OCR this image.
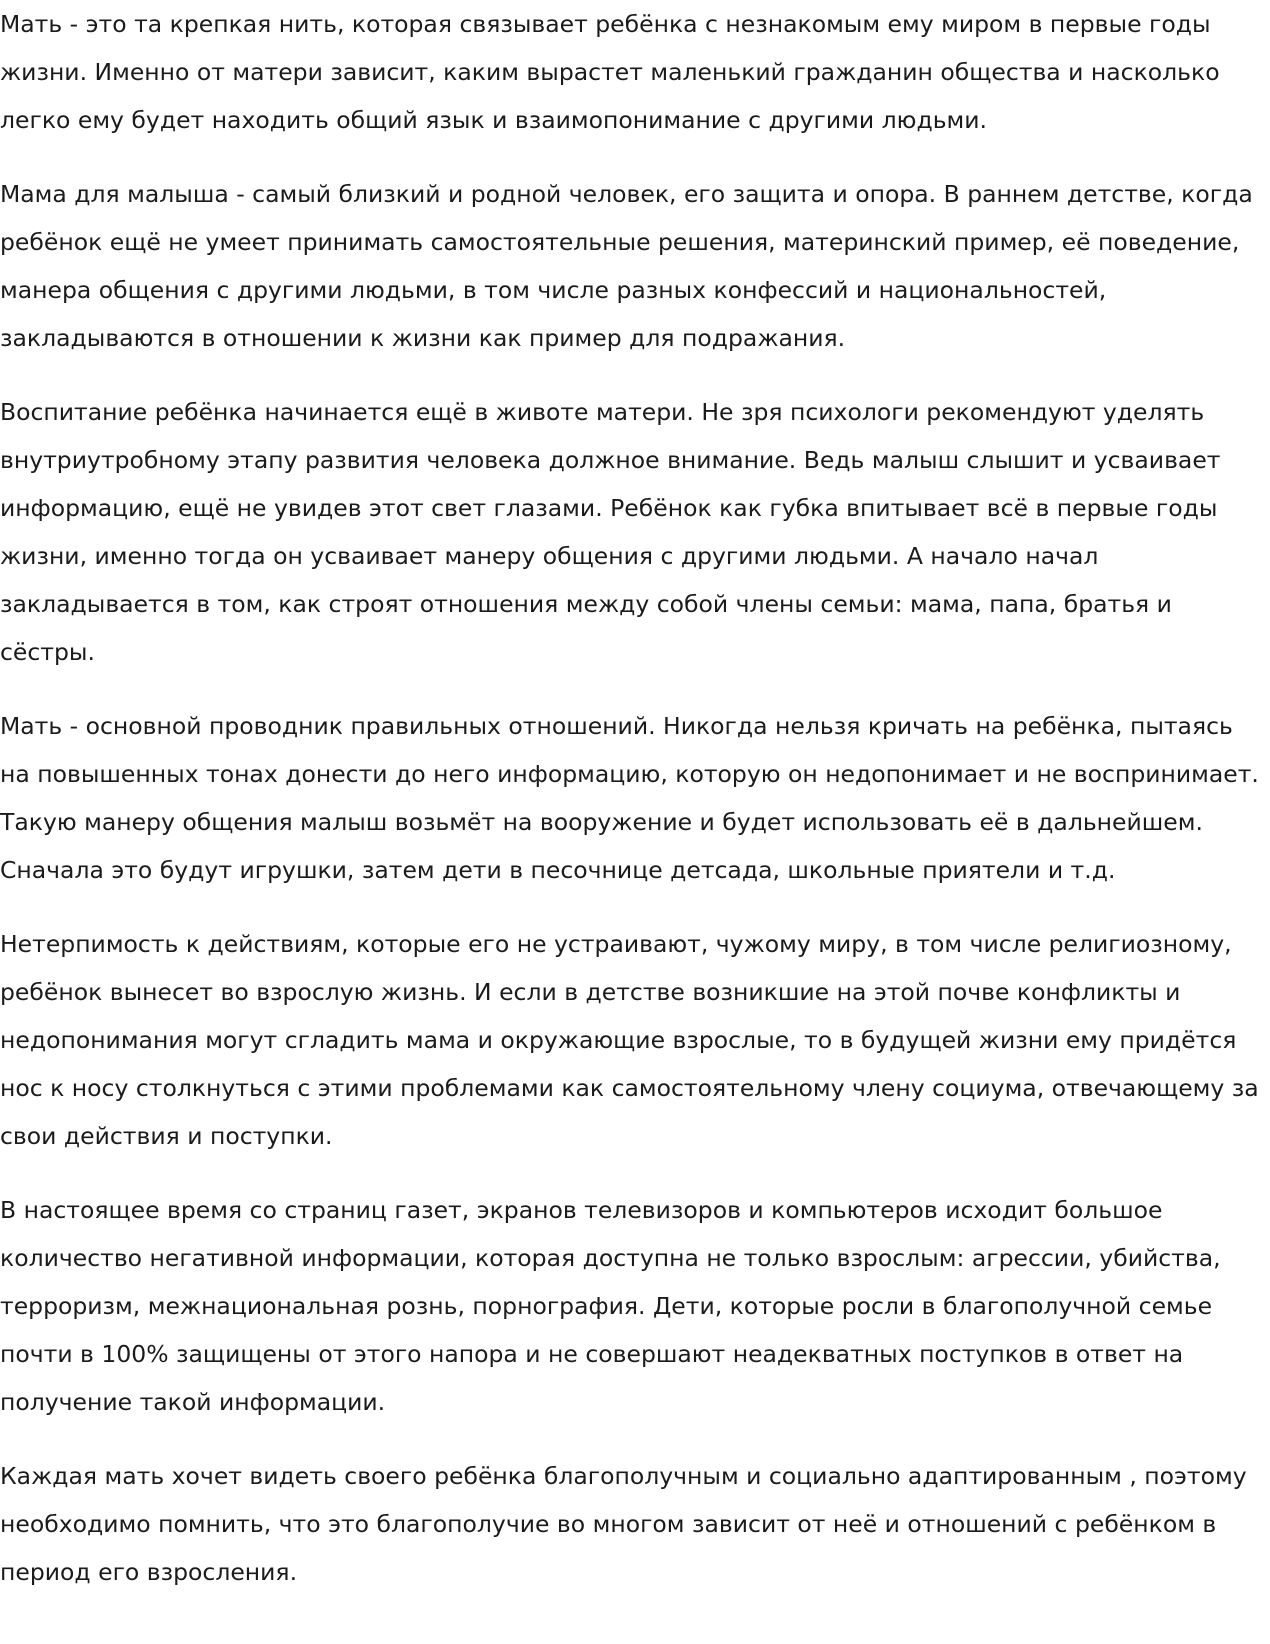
Мать - это та крепкая нить, которая связывает ребёнка с незнакомым ему миром в первые годы жизни. Именно от матери зависит, каким вырастет маленький гражданин общества и насколько легко ему будет находить общий язык и взаимопонимание с другими людьми.

Мама для малыша - самый близкий и родной человек, его защита и опора. В раннем детстве, когда ребёнок ещё не умеет принимать самостоятельные решения, материнский пример, её поведение, манера общения с другими людьми, в том числе разных конфессий и национальностей, закладываются в отношении к жизни как пример для подражания.

Воспитание ребёнка начинается ещё в животе матери. Не зря психологи рекомендуют уделять внутриутробному этапу развития человека должное внимание. Ведь малыш слышит и усваивает информацию, ещё не увидев этот свет глазами. Ребёнок как губка впитывает всё в первые годы жизни, именно тогда он усваивает манеру общения с другими людьми. А начало начал закладывается в том, как строят отношения между собой члены семьи: мама, папа, братья и сёстры.

Мать - основной проводник правильных отношений. Никогда нельзя кричать на ребёнка, пытаясь на повышенных тонах донести до него информацию, которую он недопонимает и не воспринимает. Такую манеру общения малыш возьмёт на вооружение и будет использовать её в дальнейшем. Сначала это будут игрушки, затем дети в песочнице детсада, школьные приятели и т.д.

Нетерпимость к действиям, которые его не устраивают, чужому миру, в том числе религиозному, ребёнок вынесет во взрослую жизнь. И если в детстве возникшие на этой почве конфликты и недопонимания могут сгладить мама и окружающие взрослые, то в будущей жизни ему придётся нос к носу столкнуться с этими проблемами как самостоятельному члену социума, отвечающему за свои действия и поступки.

В настоящее время со страниц газет, экранов телевизоров и компьютеров исходит большое количество негативной информации, которая доступна не только взрослым: агрессии, убийства, терроризм, межнациональная рознь, порнография. Дети, которые росли в благополучной семье почти в 100% защищены от этого напора и не совершают неадекватных поступков в ответ на получение такой информации.

Каждая мать хочет видеть своего ребёнка благополучным и социально адаптированным , поэтому необходимо помнить, что это благополучие во многом зависит от неё и отношений с ребёнком в период его взросления.
